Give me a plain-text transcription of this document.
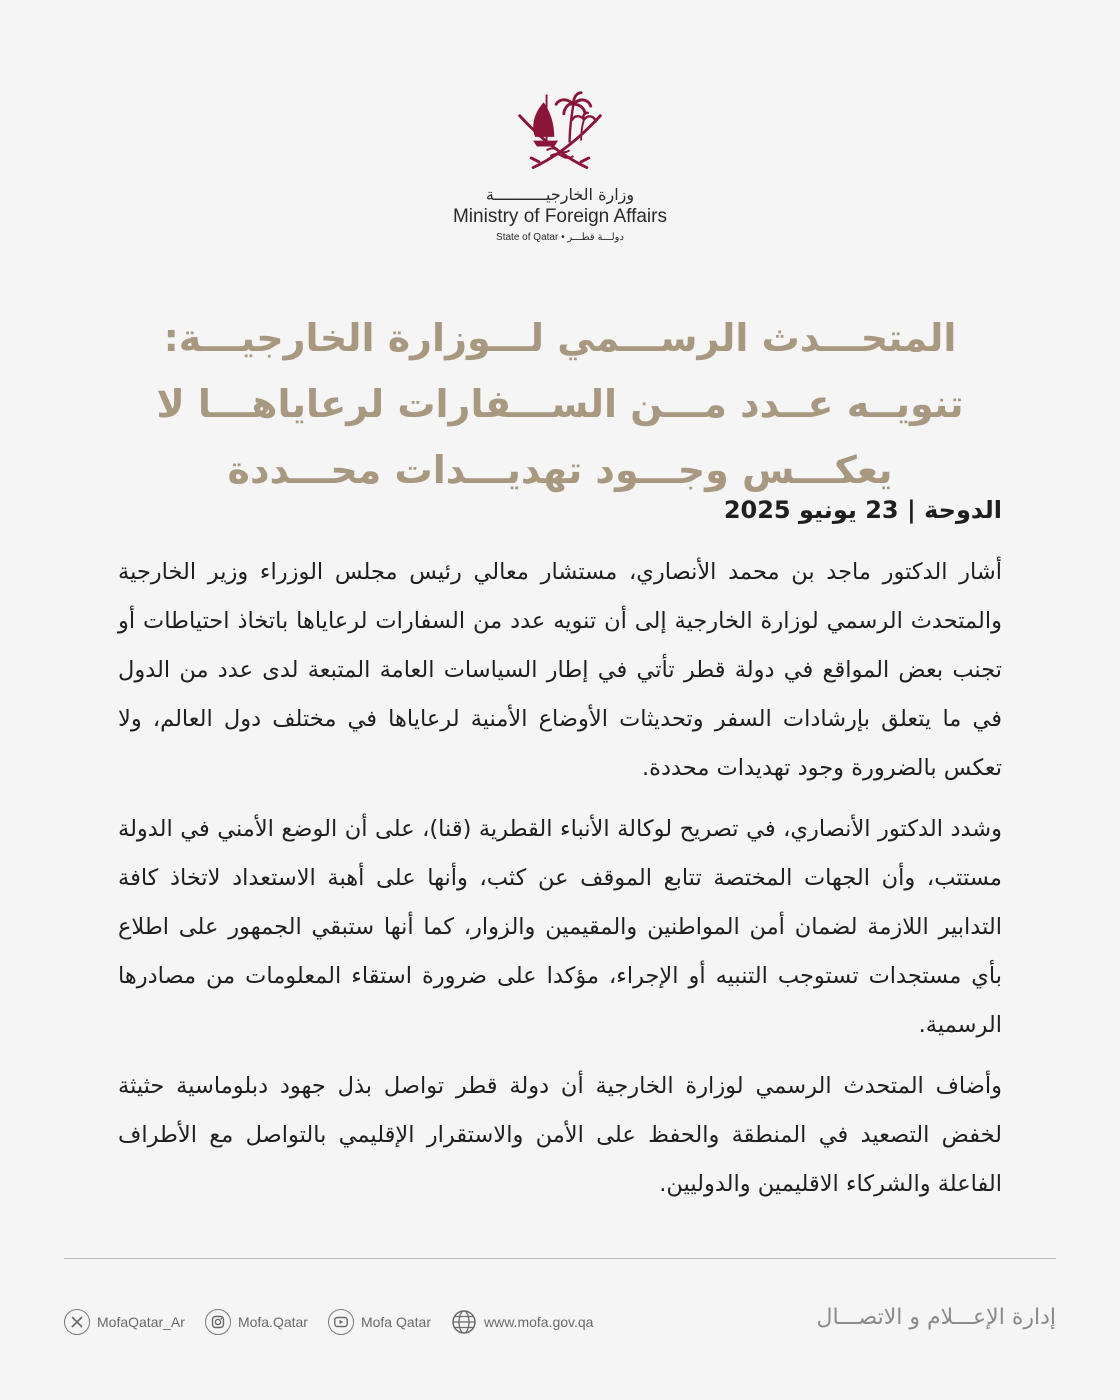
وزارة الخارجيـــــــــــة
Ministry of Foreign Affairs
State of Qatar • دولـــة قطـــر
المتحـــدث الرســـمي لـــوزارة الخارجيـــة: تنويــه عــدد مـــن الســـفارات لرعاياهـــا لا يعكـــس وجـــود تهديـــدات محـــددة
الدوحة | 23 يونيو 2025

أشار الدكتور ماجد بن محمد الأنصاري، مستشار معالي رئيس مجلس الوزراء وزير الخارجية والمتحدث الرسمي لوزارة الخارجية إلى أن تنويه عدد من السفارات لرعاياها باتخاذ احتياطات أو تجنب بعض المواقع في دولة قطر تأتي في إطار السياسات العامة المتبعة لدى عدد من الدول في ما يتعلق بإرشادات السفر وتحديثات الأوضاع الأمنية لرعاياها في مختلف دول العالم، ولا تعكس بالضرورة وجود تهديدات محددة.

وشدد الدكتور الأنصاري، في تصريح لوكالة الأنباء القطرية (قنا)، على أن الوضع الأمني في الدولة مستتب، وأن الجهات المختصة تتابع الموقف عن كثب، وأنها على أهبة الاستعداد لاتخاذ كافة التدابير اللازمة لضمان أمن المواطنين والمقيمين والزوار، كما أنها ستبقي الجمهور على اطلاع بأي مستجدات تستوجب التنبيه أو الإجراء، مؤكدا على ضرورة استقاء المعلومات من مصادرها الرسمية.

وأضاف المتحدث الرسمي لوزارة الخارجية أن دولة قطر تواصل بذل جهود دبلوماسية حثيثة لخفض التصعيد في المنطقة والحفظ على الأمن والاستقرار الإقليمي بالتواصل مع الأطراف الفاعلة والشركاء الاقليمين والدوليين.

MofaQatar_Ar	Mofa.Qatar	Mofa Qatar	www.mofa.gov.qa	إدارة الإعـــلام و الاتصـــال
